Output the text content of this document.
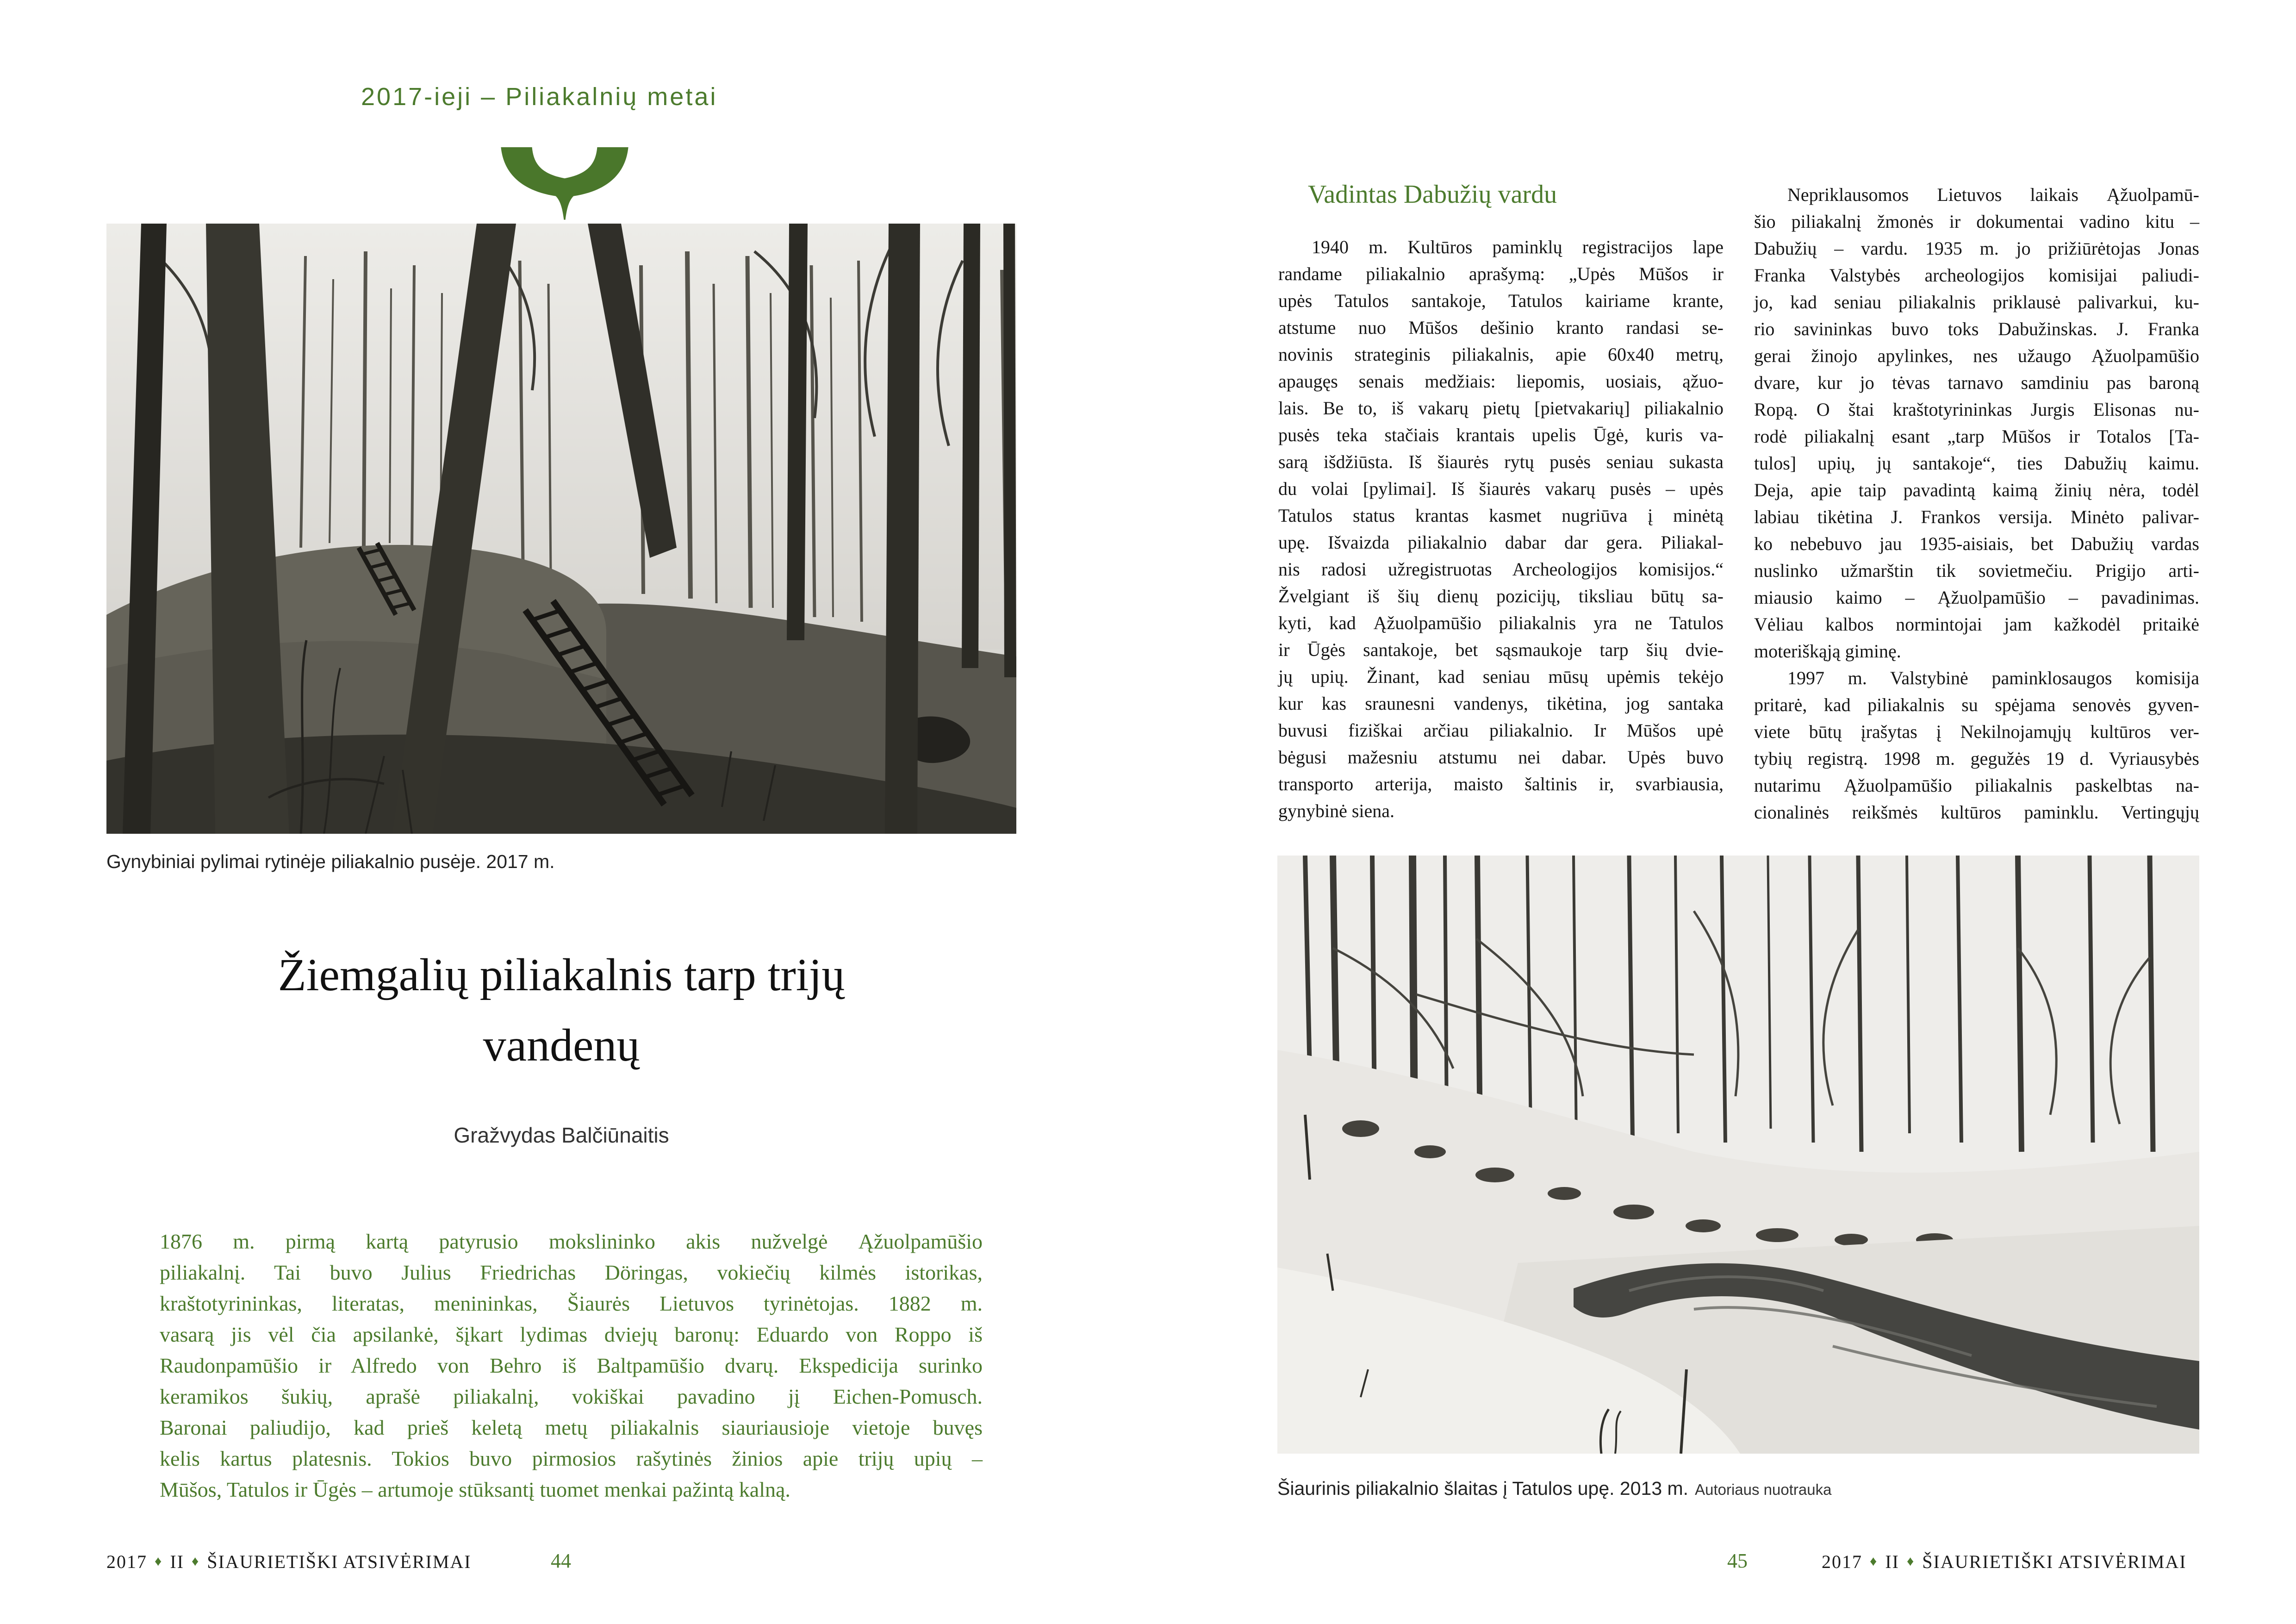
2017-ieji – Piliakalnių metai
Gynybiniai pylimai rytinėje piliakalnio pusėje. 2017 m.
Žiemgalių piliakalnis tarp trijų
vandenų
Gražvydas Balčiūnaitis
1876 m. pirmą kartą patyrusio mokslininko akis nužvelgė Ąžuolpamūšio
piliakalnį. Tai buvo Julius Friedrichas Döringas, vokiečių kilmės istorikas,
kraštotyrininkas, literatas, menininkas, Šiaurės Lietuvos tyrinėtojas. 1882 m.
vasarą jis vėl čia apsilankė, šįkart lydimas dviejų baronų: Eduardo von Roppo iš
Raudonpamūšio ir Alfredo von Behro iš Baltpamūšio dvarų. Ekspedicija surinko
keramikos šukių, aprašė piliakalnį, vokiškai pavadino jį Eichen-Pomusch.
Baronai paliudijo, kad prieš keletą metų piliakalnis siauriausioje vietoje buvęs
kelis kartus platesnis. Tokios buvo pirmosios rašytinės žinios apie trijų upių –
Mūšos, Tatulos ir Ūgės – artumoje stūksantį tuomet menkai pažintą kalną.
2017 ♦ II ♦ ŠIAURIETIŠKI ATSIVĖRIMAI	44
Vadintas Dabužių vardu
1940 m. Kultūros paminklų registracijos lape
randame piliakalnio aprašymą: „Upės Mūšos ir
upės Tatulos santakoje, Tatulos kairiame krante,
atstume nuo Mūšos dešinio kranto randasi se-
novinis strateginis piliakalnis, apie 60x40 metrų,
apaugęs senais medžiais: liepomis, uosiais, ąžuo-
lais. Be to, iš vakarų pietų [pietvakarių] piliakalnio
pusės teka stačiais krantais upelis Ūgė, kuris va-
sarą išdžiūsta. Iš šiaurės rytų pusės seniau sukasta
du volai [pylimai]. Iš šiaurės vakarų pusės – upės
Tatulos status krantas kasmet nugriūva į minėtą
upę. Išvaizda piliakalnio dabar dar gera. Piliakal-
nis radosi užregistruotas Archeologijos komisijos.“
Žvelgiant iš šių dienų pozicijų, tiksliau būtų sa-
kyti, kad Ąžuolpamūšio piliakalnis yra ne Tatulos
ir Ūgės santakoje, bet sąsmaukoje tarp šių dvie-
jų upių. Žinant, kad seniau mūsų upėmis tekėjo
kur kas sraunesni vandenys, tikėtina, jog santaka
buvusi fiziškai arčiau piliakalnio. Ir Mūšos upė
bėgusi mažesniu atstumu nei dabar. Upės buvo
transporto arterija, maisto šaltinis ir, svarbiausia,
gynybinė siena.
Nepriklausomos Lietuvos laikais Ąžuolpamū-
šio piliakalnį žmonės ir dokumentai vadino kitu –
Dabužių – vardu. 1935 m. jo prižiūrėtojas Jonas
Franka Valstybės archeologijos komisijai paliudi-
jo, kad seniau piliakalnis priklausė palivarkui, ku-
rio savininkas buvo toks Dabužinskas. J. Franka
gerai žinojo apylinkes, nes užaugo Ąžuolpamūšio
dvare, kur jo tėvas tarnavo samdiniu pas baroną
Ropą. O štai kraštotyrininkas Jurgis Elisonas nu-
rodė piliakalnį esant „tarp Mūšos ir Totalos [Ta-
tulos] upių, jų santakoje“, ties Dabužių kaimu.
Deja, apie taip pavadintą kaimą žinių nėra, todėl
labiau tikėtina J. Frankos versija. Minėto palivar-
ko nebebuvo jau 1935-aisiais, bet Dabužių vardas
nuslinko užmarštin tik sovietmečiu. Prigijo arti-
miausio kaimo – Ąžuolpamūšio – pavadinimas.
Vėliau kalbos normintojai jam kažkodėl pritaikė
moteriškąją giminę.
1997 m. Valstybinė paminklosaugos komisija
pritarė, kad piliakalnis su spėjama senovės gyven-
viete būtų įrašytas į Nekilnojamųjų kultūros ver-
tybių registrą. 1998 m. gegužės 19 d. Vyriausybės
nutarimu Ąžuolpamūšio piliakalnis paskelbtas na-
cionalinės reikšmės kultūros paminklu. Vertingųjų
Šiaurinis piliakalnio šlaitas į Tatulos upę. 2013 m. Autoriaus nuotrauka
45	2017 ♦ II ♦ ŠIAURIETIŠKI ATSIVĖRIMAI
